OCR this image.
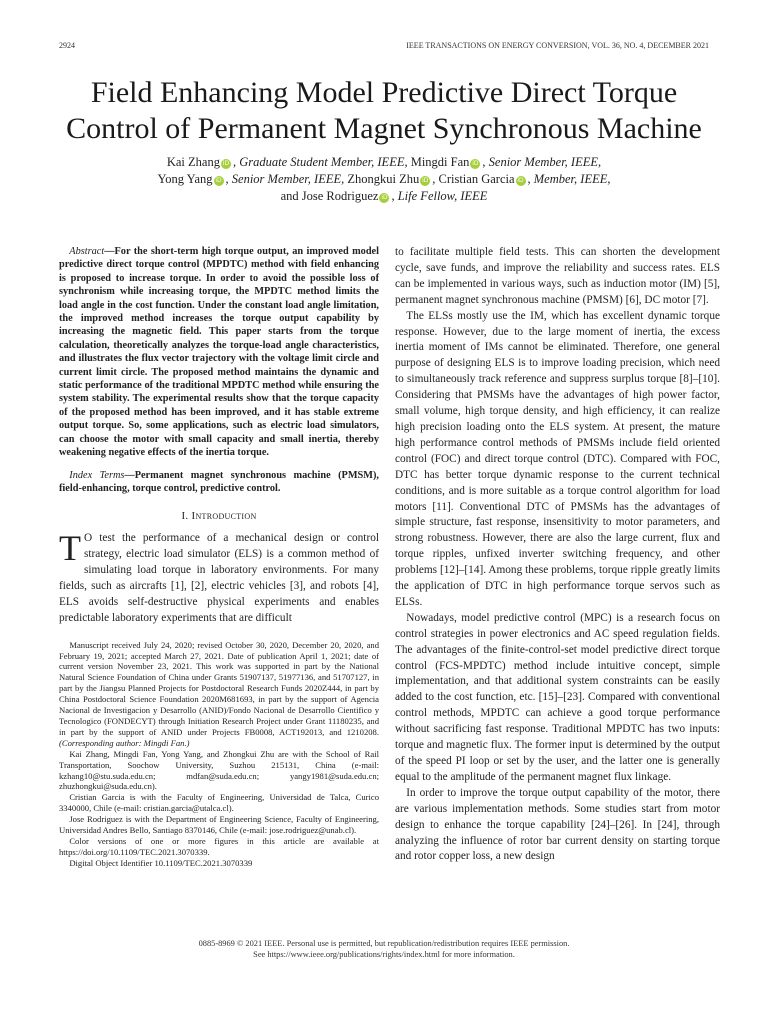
2924	IEEE TRANSACTIONS ON ENERGY CONVERSION, VOL. 36, NO. 4, DECEMBER 2021
Field Enhancing Model Predictive Direct Torque
Control of Permanent Magnet Synchronous Machine
Kai Zhang iD , Graduate Student Member, IEEE, Mingdi Fan iD , Senior Member, IEEE,
Yong Yang iD , Senior Member, IEEE, Zhongkui Zhu iD , Cristian Garcia iD , Member, IEEE,
and Jose Rodriguez iD , Life Fellow, IEEE

Abstract—For the short-term high torque output, an improved model predictive direct torque control (MPDTC) method with field enhancing is proposed to increase torque. In order to avoid the possible loss of synchronism while increasing torque, the MPDTC method limits the load angle in the cost function. Under the constant load angle limitation, the improved method increases the torque output capability by increasing the magnetic field. This paper starts from the torque calculation, theoretically analyzes the torque-load angle characteristics, and illustrates the flux vector trajectory with the voltage limit circle and current limit circle. The proposed method maintains the dynamic and static performance of the traditional MPDTC method while ensuring the system stability. The experimental results show that the torque capacity of the proposed method has been improved, and it has stable extreme output torque. So, some applications, such as electric load simulators, can choose the motor with small capacity and small inertia, thereby weakening negative effects of the inertia torque.

Index Terms—Permanent magnet synchronous machine (PMSM), field-enhancing, torque control, predictive control.

I. Introduction

T O test the performance of a mechanical design or control strategy, electric load simulator (ELS) is a common method of simulating load torque in laboratory environments. For many fields, such as aircrafts [1], [2], electric vehicles [3], and robots [4], ELS avoids self-destructive physical experiments and enables predictable laboratory experiments that are difficult

Manuscript received July 24, 2020; revised October 30, 2020, December 20, 2020, and February 19, 2021; accepted March 27, 2021. Date of publication April 1, 2021; date of current version November 23, 2021. This work was supported in part by the National Natural Science Foundation of China under Grants 51907137, 51977136, and 51707127, in part by the Jiangsu Planned Projects for Postdoctoral Research Funds 2020Z444, in part by China Postdoctoral Science Foundation 2020M681693, in part by the support of Agencia Nacional de Investigacion y Desarrollo (ANID)/Fondo Nacional de Desarrollo Cientifico y Tecnologico (FONDECYT) through Initiation Research Project under Grant 11180235, and in part by the support of ANID under Projects FB0008, ACT192013, and 1210208. (Corresponding author: Mingdi Fan.)

Kai Zhang, Mingdi Fan, Yong Yang, and Zhongkui Zhu are with the School of Rail Transportation, Soochow University, Suzhou 215131, China (e-mail: kzhang10@stu.suda.edu.cn; mdfan@suda.edu.cn; yangy1981@suda.edu.cn; zhuzhongkui@suda.edu.cn).

Cristian Garcia is with the Faculty of Engineering, Universidad de Talca, Curico 3340000, Chile (e-mail: cristian.garcia@utalca.cl).

Jose Rodriguez is with the Department of Engineering Science, Faculty of Engineering, Universidad Andres Bello, Santiago 8370146, Chile (e-mail: jose.rodriguez@unab.cl).

Color versions of one or more figures in this article are available at https://doi.org/10.1109/TEC.2021.3070339.

Digital Object Identifier 10.1109/TEC.2021.3070339

to facilitate multiple field tests. This can shorten the development cycle, save funds, and improve the reliability and success rates. ELS can be implemented in various ways, such as induction motor (IM) [5], permanent magnet synchronous machine (PMSM) [6], DC motor [7].

The ELSs mostly use the IM, which has excellent dynamic torque response. However, due to the large moment of inertia, the excess inertia moment of IMs cannot be eliminated. Therefore, one general purpose of designing ELS is to improve loading precision, which need to simultaneously track reference and suppress surplus torque [8]–[10]. Considering that PMSMs have the advantages of high power factor, small volume, high torque density, and high efficiency, it can realize high precision loading onto the ELS system. At present, the mature high performance control methods of PMSMs include field oriented control (FOC) and direct torque control (DTC). Compared with FOC, DTC has better torque dynamic response to the current technical conditions, and is more suitable as a torque control algorithm for load motors [11]. Conventional DTC of PMSMs has the advantages of simple structure, fast response, insensitivity to motor parameters, and strong robustness. However, there are also the large current, flux and torque ripples, unfixed inverter switching frequency, and other problems [12]–[14]. Among these problems, torque ripple greatly limits the application of DTC in high performance torque servos such as ELSs.

Nowadays, model predictive control (MPC) is a research focus on control strategies in power electronics and AC speed regulation fields. The advantages of the finite-control-set model predictive direct torque control (FCS-MPDTC) method include intuitive concept, simple implementation, and that additional system constraints can be easily added to the cost function, etc. [15]–[23]. Compared with conventional control methods, MPDTC can achieve a good torque performance without sacrificing fast response. Traditional MPDTC has two inputs: torque and magnetic flux. The former input is determined by the output of the speed PI loop or set by the user, and the latter one is generally equal to the amplitude of the permanent magnet flux linkage.

In order to improve the torque output capability of the motor, there are various implementation methods. Some studies start from motor design to enhance the torque capability [24]–[26]. In [24], through analyzing the influence of rotor bar current density on starting torque and rotor copper loss, a new design

0885-8969 © 2021 IEEE. Personal use is permitted, but republication/redistribution requires IEEE permission.
See https://www.ieee.org/publications/rights/index.html for more information.
